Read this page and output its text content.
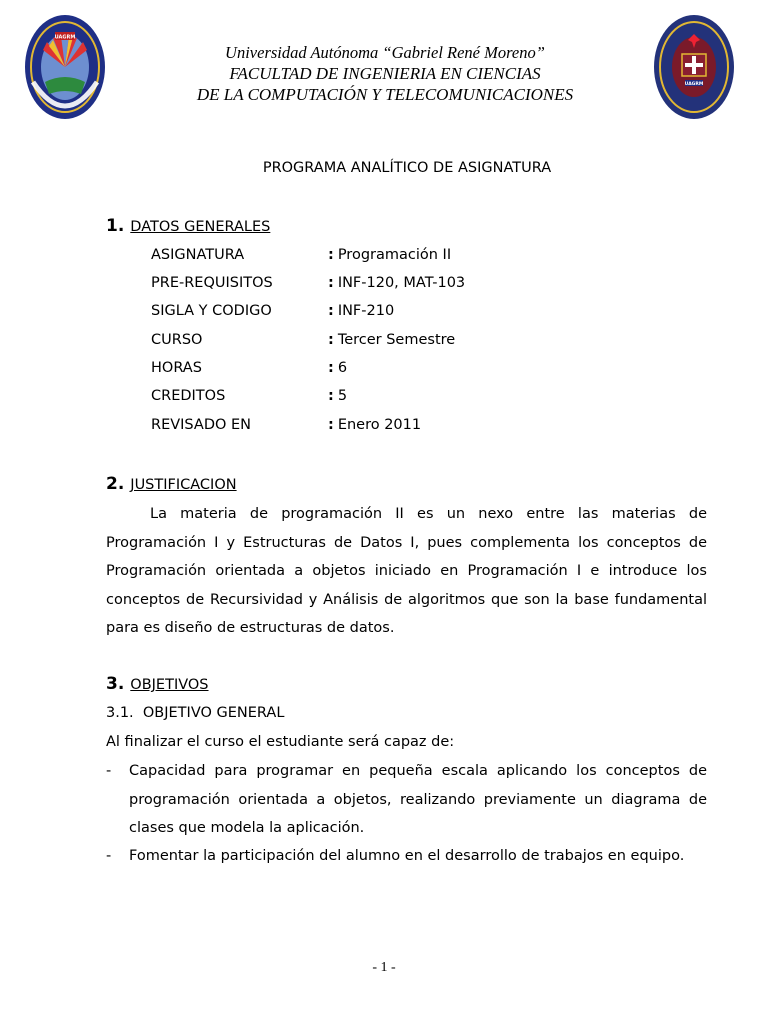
UAGRM
UAGRM
Universidad Autónoma “Gabriel René Moreno”
FACULTAD DE INGENIERIA EN CIENCIAS
DE LA COMPUTACIÓN Y TELECOMUNICACIONES
PROGRAMA ANALÍTICO DE ASIGNATURA
1. DATOS GENERALES
ASIGNATURA	: Programación II
PRE-REQUISITOS	: INF-120, MAT-103
SIGLA Y CODIGO	: INF-210
CURSO	: Tercer Semestre
HORAS	: 6
CREDITOS	: 5
REVISADO EN	: Enero 2011
2. JUSTIFICACION
La materia de programación II es un nexo entre las materias de Programación I y Estructuras de Datos I, pues complementa los conceptos de Programación orientada a objetos iniciado en Programación I e introduce los conceptos de Recursividad y Análisis de algoritmos que son la base fundamental para es diseño de estructuras de datos.
3. OBJETIVOS
3.1.  OBJETIVO GENERAL
Al finalizar el curso el estudiante será capaz de:
- Capacidad para programar en pequeña escala aplicando los conceptos de programación orientada a objetos, realizando previamente un diagrama de clases que modela la aplicación.
- Fomentar la participación del alumno en el desarrollo de trabajos en equipo.
- 1 -
